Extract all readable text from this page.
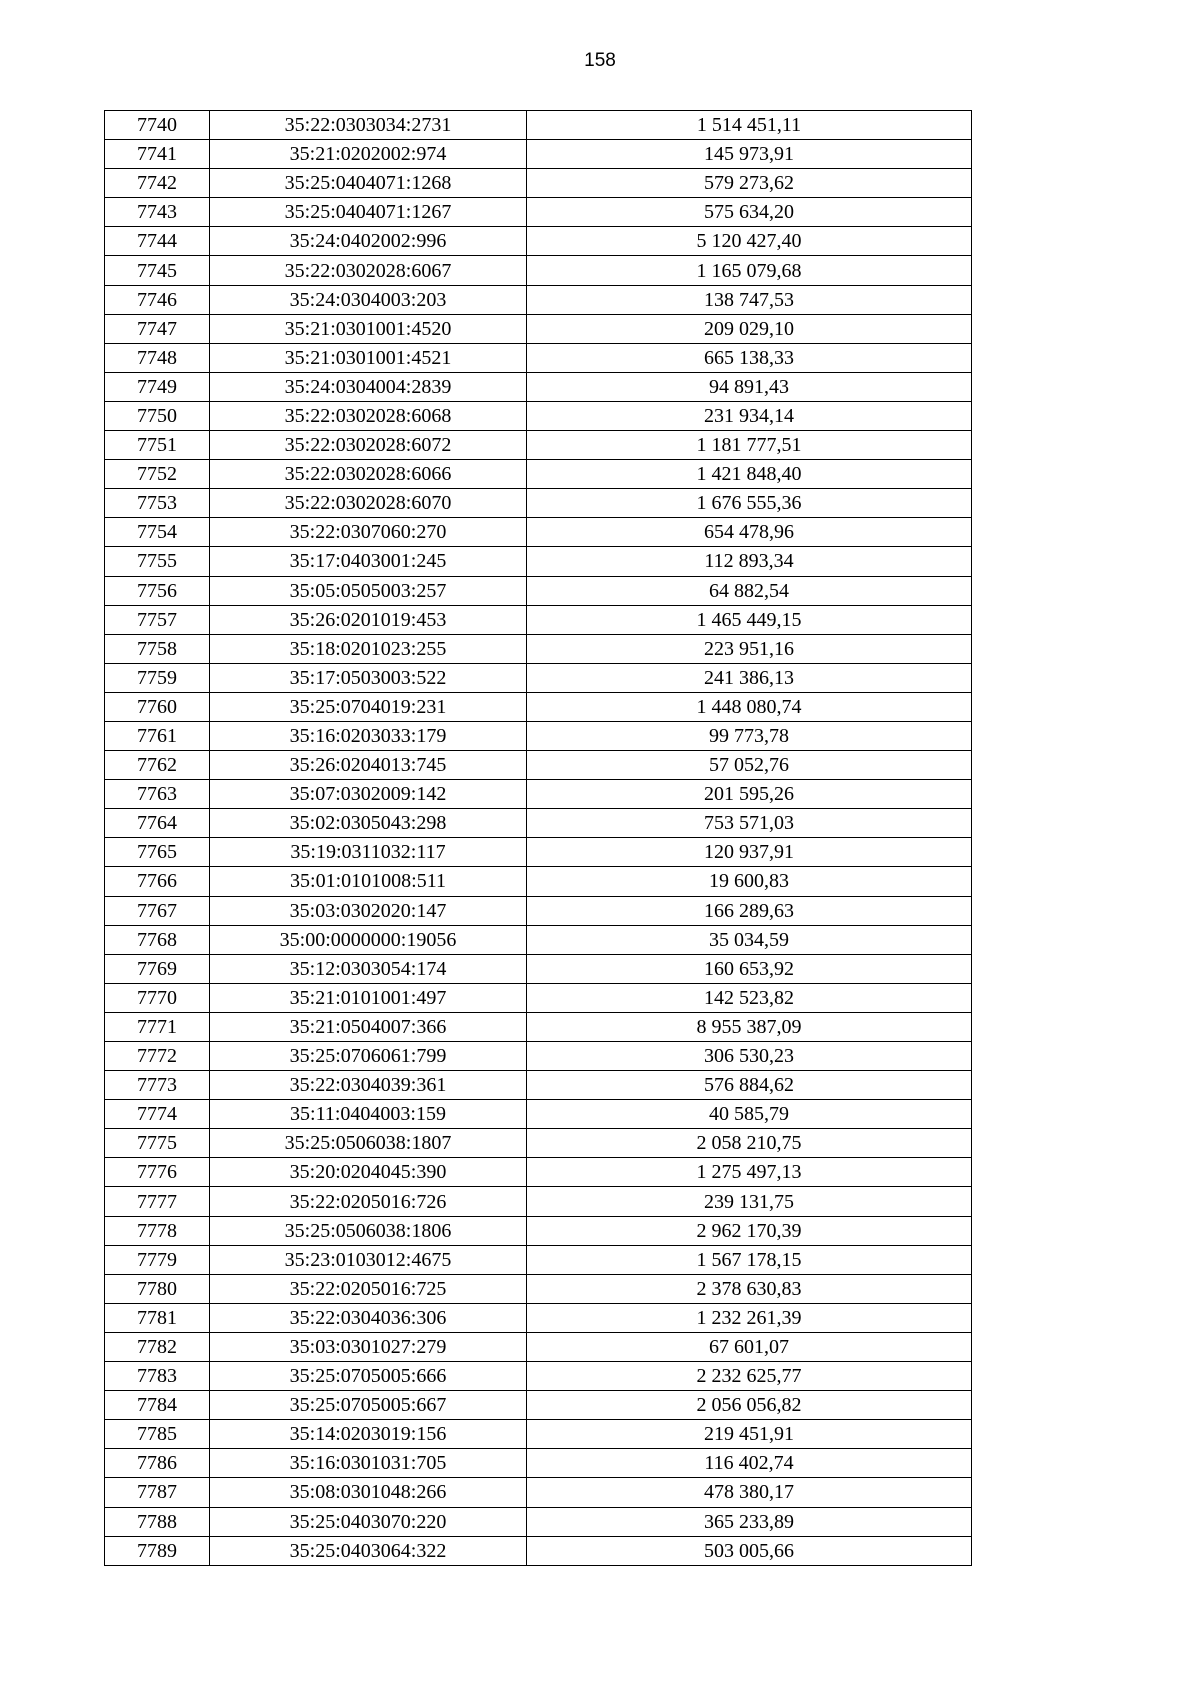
158
7740	35:22:0303034:2731	1 514 451,11
7741	35:21:0202002:974	145 973,91
7742	35:25:0404071:1268	579 273,62
7743	35:25:0404071:1267	575 634,20
7744	35:24:0402002:996	5 120 427,40
7745	35:22:0302028:6067	1 165 079,68
7746	35:24:0304003:203	138 747,53
7747	35:21:0301001:4520	209 029,10
7748	35:21:0301001:4521	665 138,33
7749	35:24:0304004:2839	94 891,43
7750	35:22:0302028:6068	231 934,14
7751	35:22:0302028:6072	1 181 777,51
7752	35:22:0302028:6066	1 421 848,40
7753	35:22:0302028:6070	1 676 555,36
7754	35:22:0307060:270	654 478,96
7755	35:17:0403001:245	112 893,34
7756	35:05:0505003:257	64 882,54
7757	35:26:0201019:453	1 465 449,15
7758	35:18:0201023:255	223 951,16
7759	35:17:0503003:522	241 386,13
7760	35:25:0704019:231	1 448 080,74
7761	35:16:0203033:179	99 773,78
7762	35:26:0204013:745	57 052,76
7763	35:07:0302009:142	201 595,26
7764	35:02:0305043:298	753 571,03
7765	35:19:0311032:117	120 937,91
7766	35:01:0101008:511	19 600,83
7767	35:03:0302020:147	166 289,63
7768	35:00:0000000:19056	35 034,59
7769	35:12:0303054:174	160 653,92
7770	35:21:0101001:497	142 523,82
7771	35:21:0504007:366	8 955 387,09
7772	35:25:0706061:799	306 530,23
7773	35:22:0304039:361	576 884,62
7774	35:11:0404003:159	40 585,79
7775	35:25:0506038:1807	2 058 210,75
7776	35:20:0204045:390	1 275 497,13
7777	35:22:0205016:726	239 131,75
7778	35:25:0506038:1806	2 962 170,39
7779	35:23:0103012:4675	1 567 178,15
7780	35:22:0205016:725	2 378 630,83
7781	35:22:0304036:306	1 232 261,39
7782	35:03:0301027:279	67 601,07
7783	35:25:0705005:666	2 232 625,77
7784	35:25:0705005:667	2 056 056,82
7785	35:14:0203019:156	219 451,91
7786	35:16:0301031:705	116 402,74
7787	35:08:0301048:266	478 380,17
7788	35:25:0403070:220	365 233,89
7789	35:25:0403064:322	503 005,66
